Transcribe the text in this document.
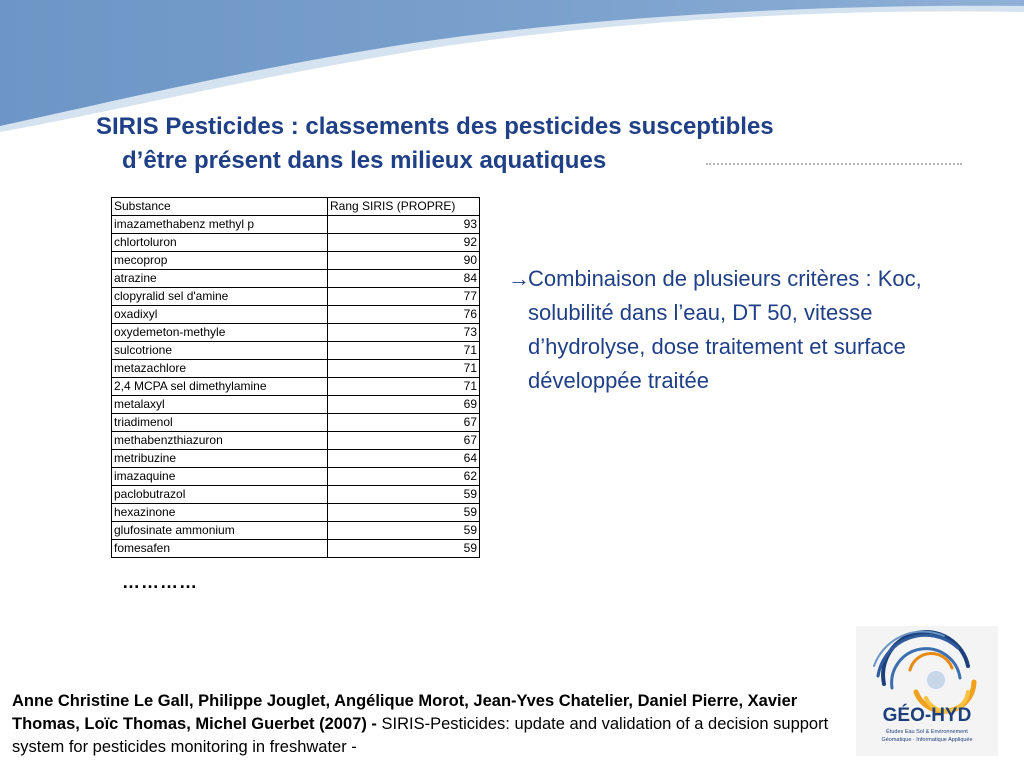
SIRIS Pesticides : classements des pesticides susceptibles
d’être présent dans les milieux aquatiques
Substance	Rang SIRIS (PROPRE)
imazamethabenz methyl p	93
chlortoluron	92
mecoprop	90
atrazine	84
clopyralid sel d'amine	77
oxadixyl	76
oxydemeton-methyle	73
sulcotrione	71
metazachlore	71
2,4 MCPA sel dimethylamine	71
metalaxyl	69
triadimenol	67
methabenzthiazuron	67
metribuzine	64
imazaquine	62
paclobutrazol	59
hexazinone	59
glufosinate ammonium	59
fomesafen	59
…………
→
Combinaison de plusieurs critères : Koc, solubilité dans l’eau, DT 50, vitesse d’hydrolyse, dose traitement et surface développée traitée
Anne Christine Le Gall, Philippe Jouglet, Angélique Morot, Jean-Yves Chatelier, Daniel Pierre, Xavier Thomas, Loïc Thomas, Michel Guerbet (2007) - SIRIS-Pesticides: update and validation of a decision support system for pesticides monitoring in freshwater -
GÉO-HYD
Études Eau Sol & Environnement
Géomatique · Informatique Appliquée
